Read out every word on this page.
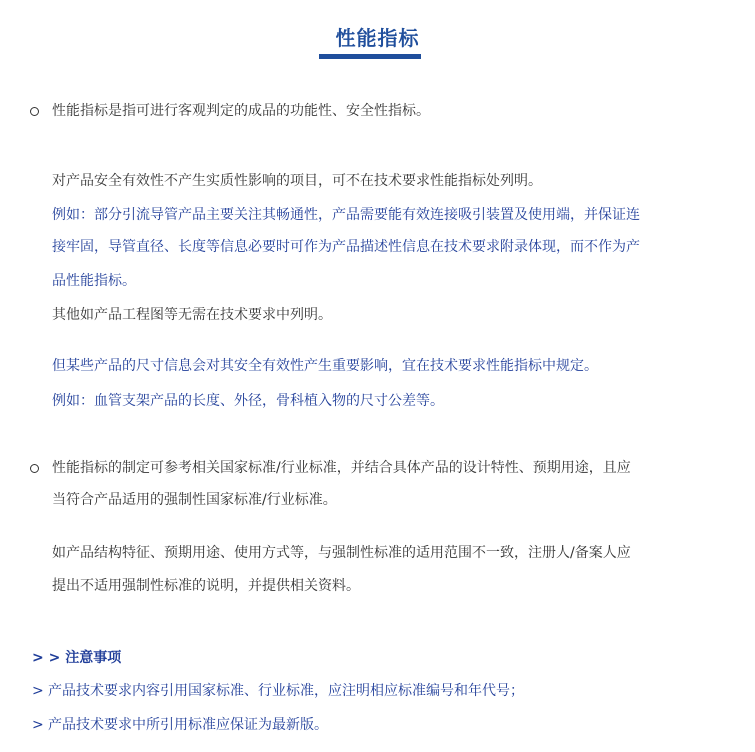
性能指标
性能指标是指可进行客观判定的成品的功能性、安全性指标。
对产品安全有效性不产生实质性影响的项目，可不在技术要求性能指标处列明。
例如：部分引流导管产品主要关注其畅通性，产品需要能有效连接吸引装置及使用端，并保证连
接牢固，导管直径、长度等信息必要时可作为产品描述性信息在技术要求附录体现，而不作为产
品性能指标。
其他如产品工程图等无需在技术要求中列明。
但某些产品的尺寸信息会对其安全有效性产生重要影响，宜在技术要求性能指标中规定。
例如：血管支架产品的长度、外径，骨科植入物的尺寸公差等。
性能指标的制定可参考相关国家标准/行业标准，并结合具体产品的设计特性、预期用途，且应
当符合产品适用的强制性国家标准/行业标准。
如产品结构特征、预期用途、使用方式等，与强制性标准的适用范围不一致，注册人/备案人应
提出不适用强制性标准的说明，并提供相关资料。
> > 注意事项
> 产品技术要求内容引用国家标准、行业标准，应注明相应标准编号和年代号；
> 产品技术要求中所引用标准应保证为最新版。
